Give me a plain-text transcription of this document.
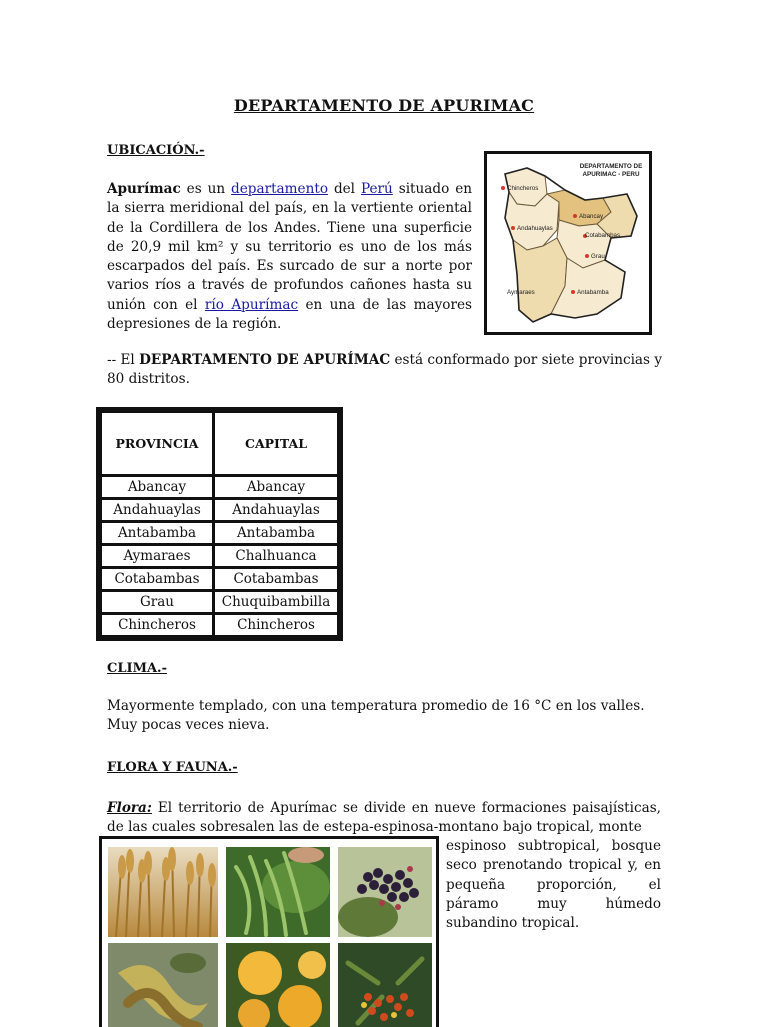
DEPARTAMENTO DE APURIMAC
UBICACIÓN.-
Apurímac es un departamento del Perú situado en la sierra meridional del país, en la vertiente oriental de la Cordillera de los Andes. Tiene una superficie de 20,9 mil km² y su territorio es uno de los más escarpados del país. Es surcado de sur a norte por varios ríos a través de profundos cañones hasta su unión con el río Apurímac en una de las mayores depresiones de la región.
DEPARTAMENTO DE
APURIMAC - PERU
Chincheros
Andahuaylas
Abancay
Cotabambas
Grau
Aymaraes	Antabamba
-- El DEPARTAMENTO DE APURÍMAC está conformado por siete provincias y 80 distritos.
PROVINCIA	CAPITAL
Abancay	Abancay
Andahuaylas	Andahuaylas
Antabamba	Antabamba
Aymaraes	Chalhuanca
Cotabambas	Cotabambas
Grau	Chuquibambilla
Chincheros	Chincheros
CLIMA.-
Mayormente templado, con una temperatura promedio de 16 °C en los valles.
Muy pocas veces nieva.
FLORA Y FAUNA.-
Flora: El territorio de Apurímac se divide en nueve formaciones paisajísticas, de las cuales sobresalen las de estepa-espinosa-montano bajo tropical, monte
espinoso subtropical, bosque seco prenotando tropical y, en pequeña proporción, el páramo muy húmedo subandino tropical.
